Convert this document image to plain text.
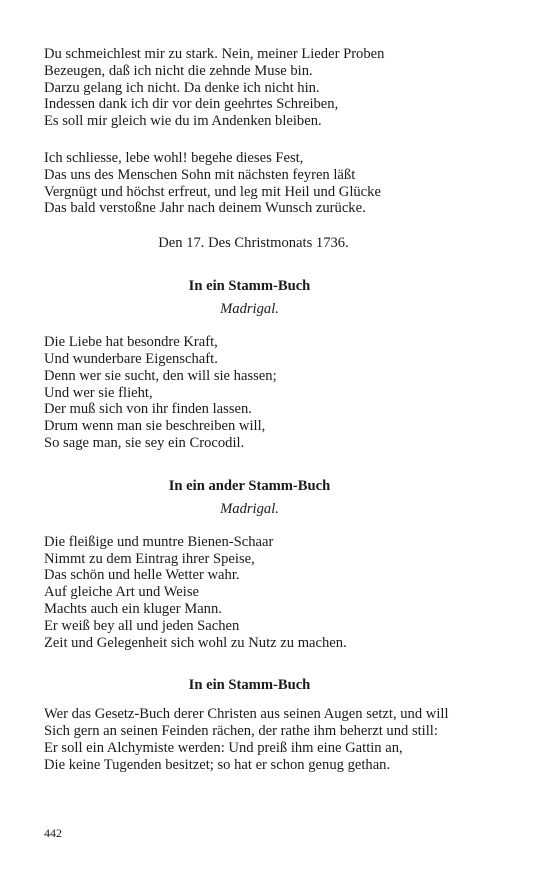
Du schmeichlest mir zu stark. Nein, meiner Lieder Proben
Bezeugen, daß ich nicht die zehnde Muse bin.
Darzu gelang ich nicht. Da denke ich nicht hin.
Indessen dank ich dir vor dein geehrtes Schreiben,
Es soll mir gleich wie du im Andenken bleiben.
Ich schliesse, lebe wohl! begehe dieses Fest,
Das uns des Menschen Sohn mit nächsten feyren läßt
Vergnügt und höchst erfreut, und leg mit Heil und Glücke
Das bald verstoßne Jahr nach deinem Wunsch zurücke.
Den 17. Des Christmonats 1736.
In ein Stamm-Buch
Madrigal.
Die Liebe hat besondre Kraft,
Und wunderbare Eigenschaft.
Denn wer sie sucht, den will sie hassen;
Und wer sie flieht,
Der muß sich von ihr finden lassen.
Drum wenn man sie beschreiben will,
So sage man, sie sey ein Crocodil.
In ein ander Stamm-Buch
Madrigal.
Die fleißige und muntre Bienen-Schaar
Nimmt zu dem Eintrag ihrer Speise,
Das schön und helle Wetter wahr.
Auf gleiche Art und Weise
Machts auch ein kluger Mann.
Er weiß bey all und jeden Sachen
Zeit und Gelegenheit sich wohl zu Nutz zu machen.
In ein Stamm-Buch
Wer das Gesetz-Buch derer Christen aus seinen Augen setzt, und will
Sich gern an seinen Feinden rächen, der rathe ihm beherzt und still:
Er soll ein Alchymiste werden: Und preiß ihm eine Gattin an,
Die keine Tugenden besitzet; so hat er schon genug gethan.
442
